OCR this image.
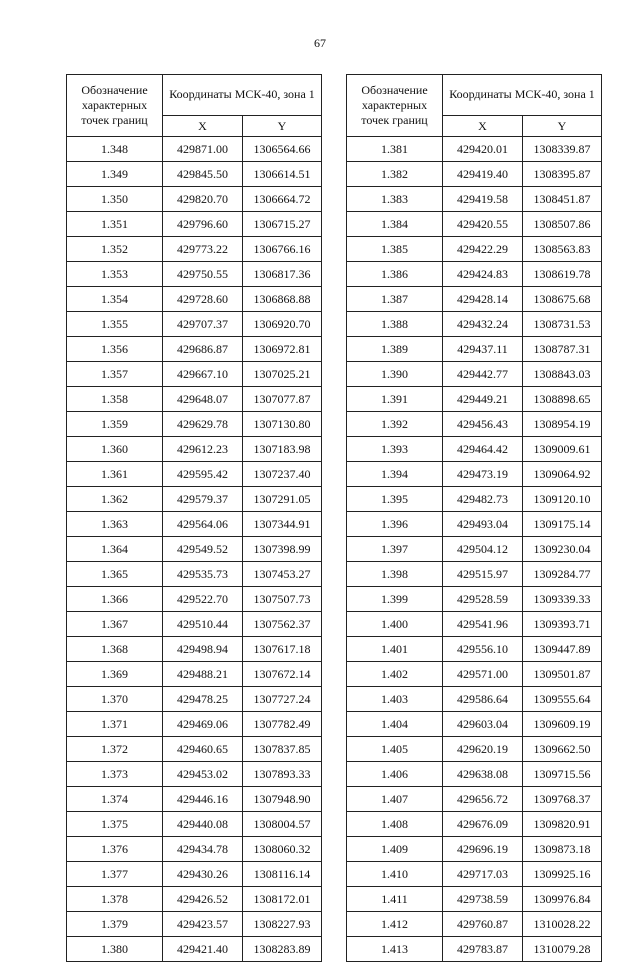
67
Обозначение характерных точек границ	Координаты МСК-40, зона 1	
	X	Y
1.348	429871.00	1306564.66
1.349	429845.50	1306614.51
1.350	429820.70	1306664.72
1.351	429796.60	1306715.27
1.352	429773.22	1306766.16
1.353	429750.55	1306817.36
1.354	429728.60	1306868.88
1.355	429707.37	1306920.70
1.356	429686.87	1306972.81
1.357	429667.10	1307025.21
1.358	429648.07	1307077.87
1.359	429629.78	1307130.80
1.360	429612.23	1307183.98
1.361	429595.42	1307237.40
1.362	429579.37	1307291.05
1.363	429564.06	1307344.91
1.364	429549.52	1307398.99
1.365	429535.73	1307453.27
1.366	429522.70	1307507.73
1.367	429510.44	1307562.37
1.368	429498.94	1307617.18
1.369	429488.21	1307672.14
1.370	429478.25	1307727.24
1.371	429469.06	1307782.49
1.372	429460.65	1307837.85
1.373	429453.02	1307893.33
1.374	429446.16	1307948.90
1.375	429440.08	1308004.57
1.376	429434.78	1308060.32
1.377	429430.26	1308116.14
1.378	429426.52	1308172.01
1.379	429423.57	1308227.93
1.380	429421.40	1308283.89
Обозначение характерных точек границ	Координаты МСК-40, зона 1	
	X	Y
1.381	429420.01	1308339.87
1.382	429419.40	1308395.87
1.383	429419.58	1308451.87
1.384	429420.55	1308507.86
1.385	429422.29	1308563.83
1.386	429424.83	1308619.78
1.387	429428.14	1308675.68
1.388	429432.24	1308731.53
1.389	429437.11	1308787.31
1.390	429442.77	1308843.03
1.391	429449.21	1308898.65
1.392	429456.43	1308954.19
1.393	429464.42	1309009.61
1.394	429473.19	1309064.92
1.395	429482.73	1309120.10
1.396	429493.04	1309175.14
1.397	429504.12	1309230.04
1.398	429515.97	1309284.77
1.399	429528.59	1309339.33
1.400	429541.96	1309393.71
1.401	429556.10	1309447.89
1.402	429571.00	1309501.87
1.403	429586.64	1309555.64
1.404	429603.04	1309609.19
1.405	429620.19	1309662.50
1.406	429638.08	1309715.56
1.407	429656.72	1309768.37
1.408	429676.09	1309820.91
1.409	429696.19	1309873.18
1.410	429717.03	1309925.16
1.411	429738.59	1309976.84
1.412	429760.87	1310028.22
1.413	429783.87	1310079.28
